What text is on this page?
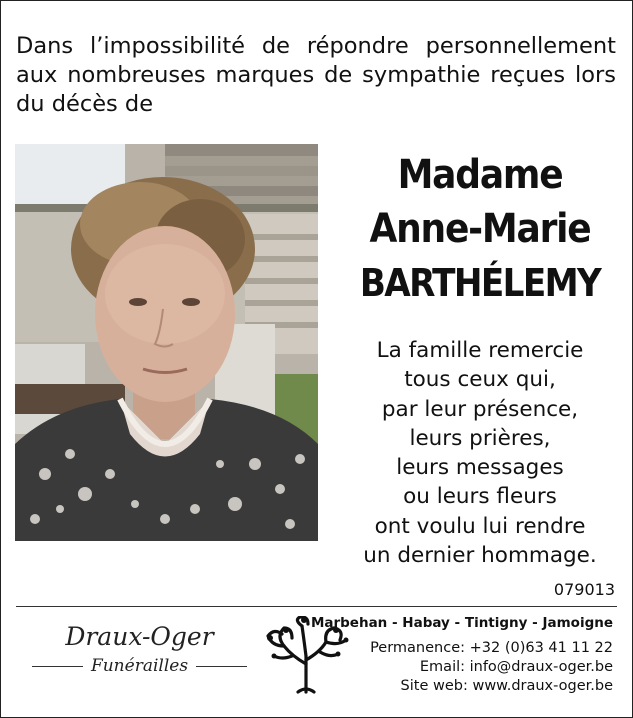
Dans l’impossibilité de répondre personnellement aux nombreuses marques de sympathie reçues lors du décès de
Madame
Anne-Marie
BARTHÉLEMY
La famille remercie
tous ceux qui,
par leur présence,
leurs prières,
leurs messages
ou leurs fleurs
ont voulu lui rendre
un dernier hommage.
079013
Draux-Oger
Funérailles
Marbehan - Habay - Tintigny - Jamoigne
Permanence: +32 (0)63 41 11 22
Email: info@draux-oger.be
Site web: www.draux-oger.be
